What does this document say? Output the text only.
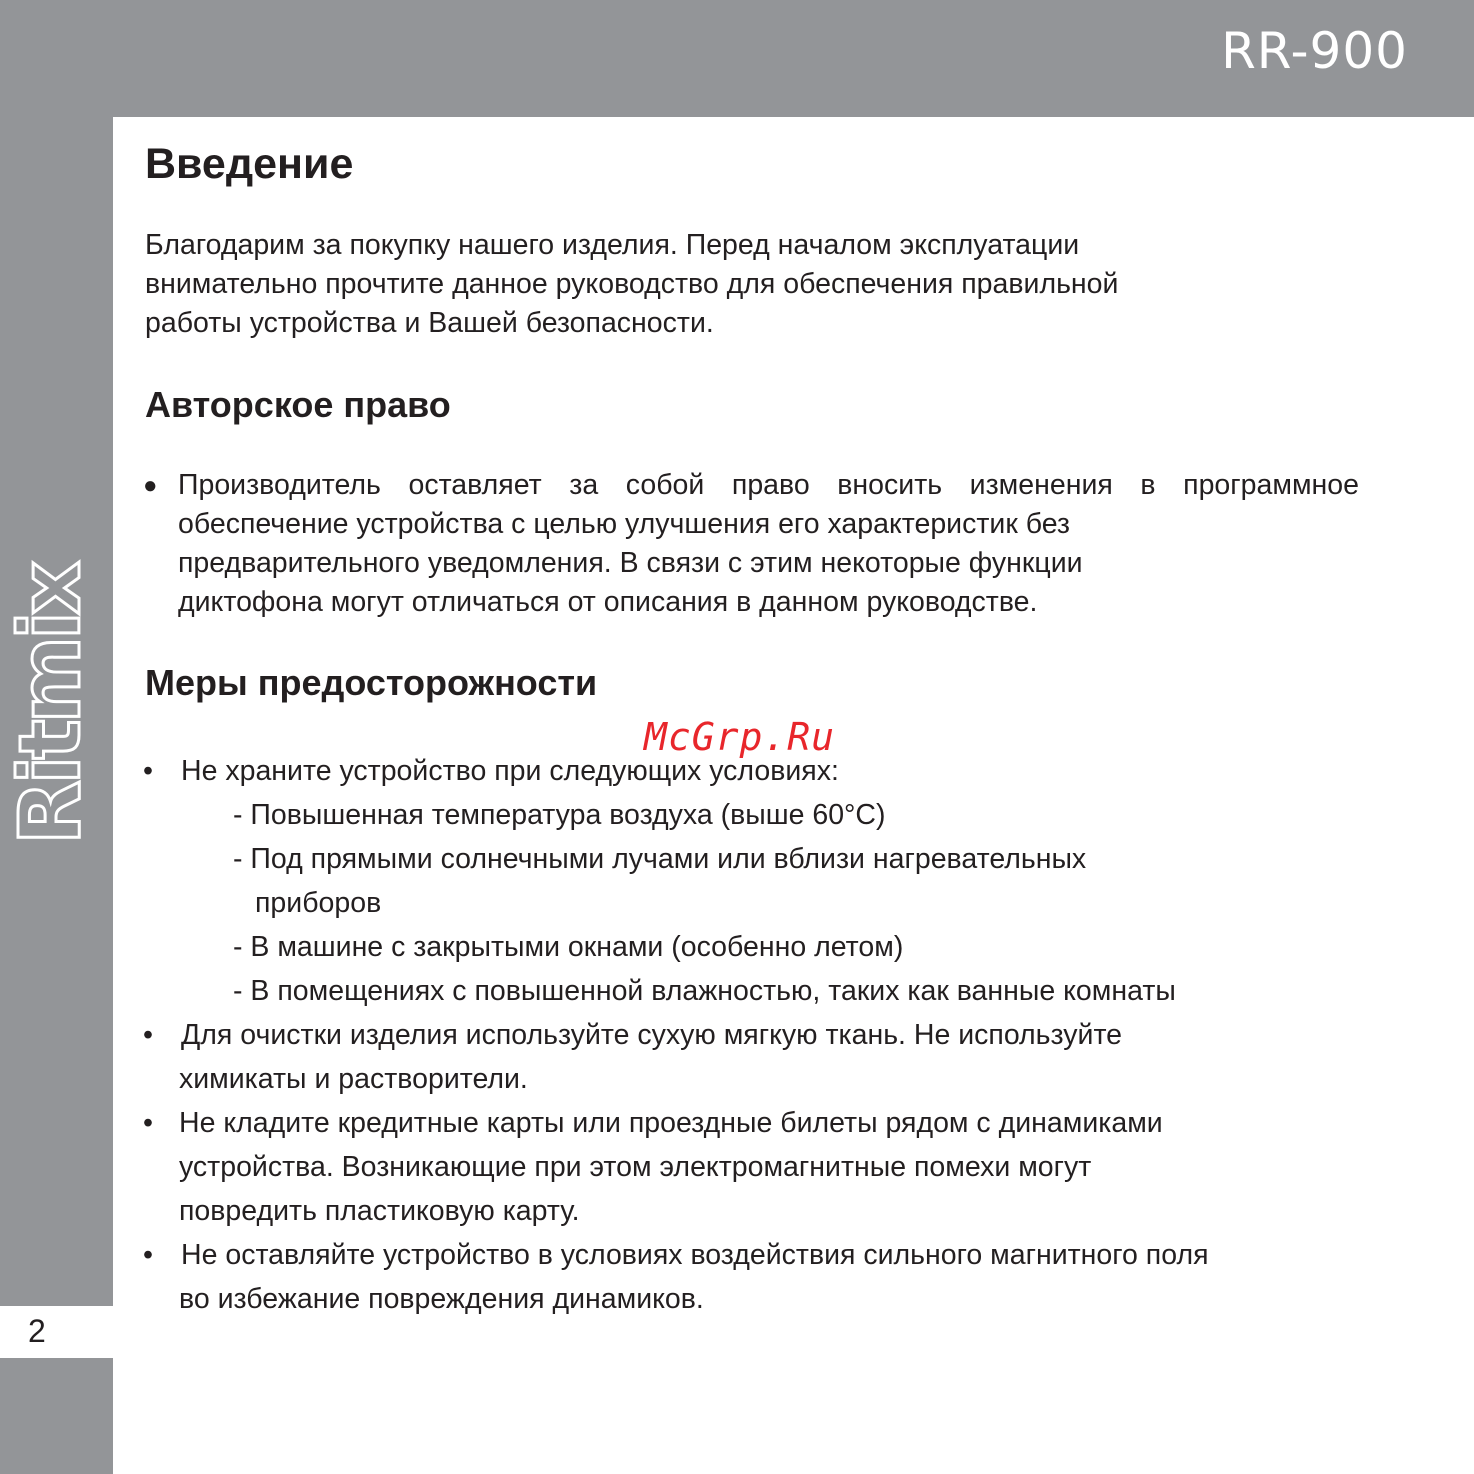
RR-900
2
Введение
Благодарим за покупку нашего изделия. Перед началом эксплуатации
внимательно прочтите данное руководство для обеспечения правильной
работы устройства и Вашей безопасности.
Авторское право
● Производитель оставляет за собой право вносить изменения в программное
обеспечение устройства с целью улучшения его характеристик без
предварительного уведомления. В связи с этим некоторые функции
диктофона могут отличаться от описания в данном руководстве.
Меры предосторожности
McGrp.Ru
• Не храните устройство при следующих условиях:
- Повышенная температура воздуха (выше 60°C)
- Под прямыми солнечными лучами или вблизи нагревательных
приборов
- В машине с закрытыми окнами (особенно летом)
- В помещениях с повышенной влажностью, таких как ванные комнаты
• Для очистки изделия используйте сухую мягкую ткань. Не используйте
химикаты и растворители.
• Не кладите кредитные карты или проездные билеты рядом с динамиками
устройства. Возникающие при этом электромагнитные помехи могут
повредить пластиковую карту.
• Не оставляйте устройство в условиях воздействия сильного магнитного поля
во избежание повреждения динамиков.
